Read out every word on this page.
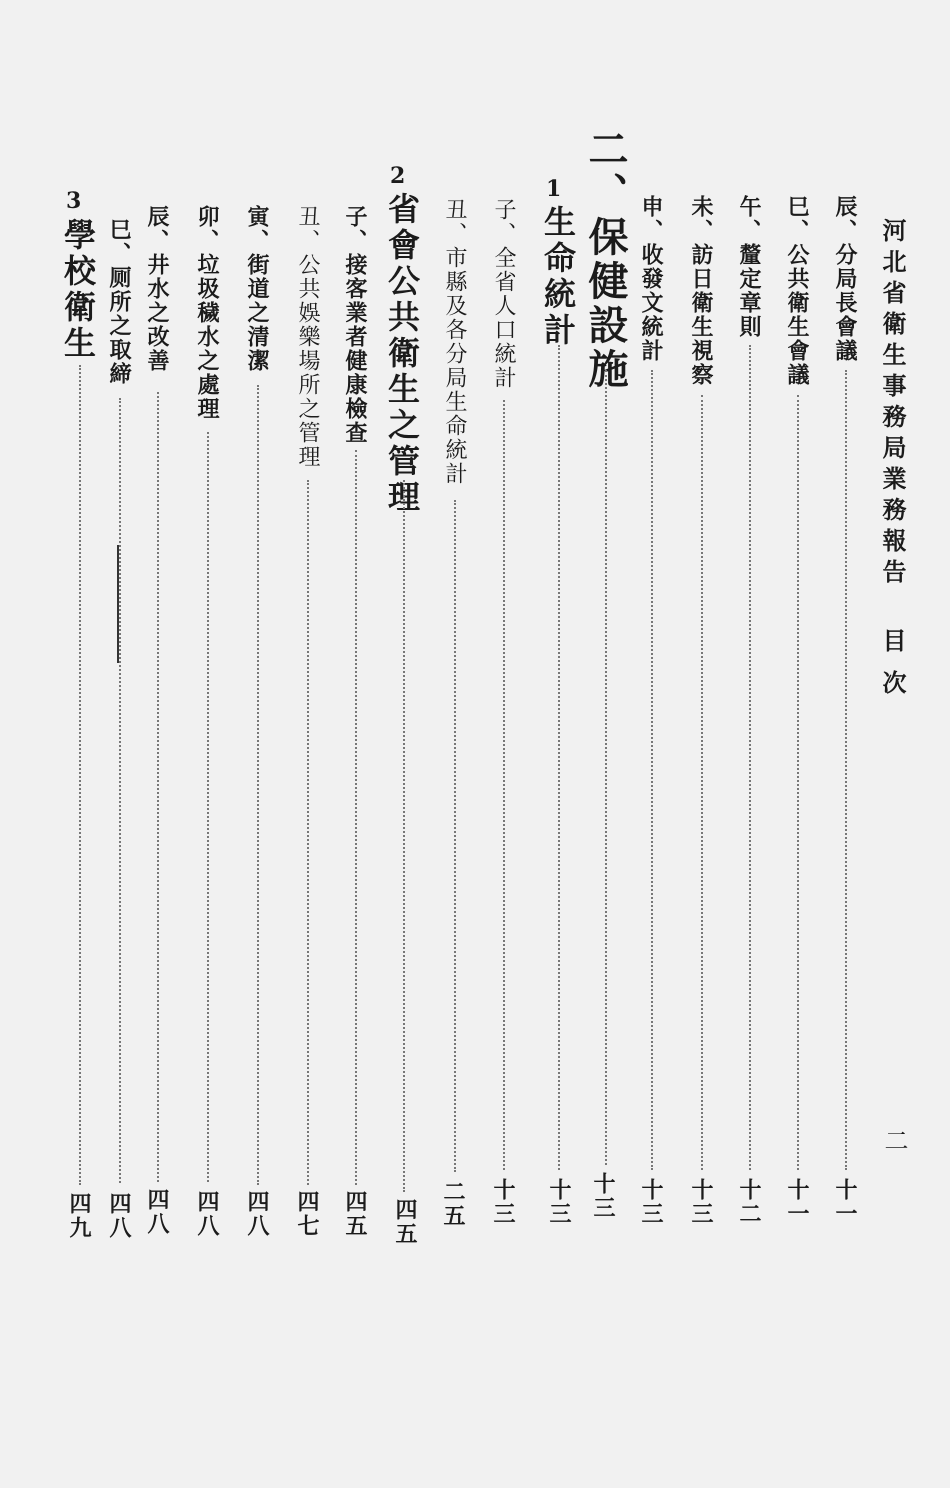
河北省衛生事務局業務報告
目次
二
辰、分局長會議
十一
巳、公共衛生會議
十一
午、釐定章則
十二
未、訪日衛生視察
十三
申、收發文統計
十三
二、保健設施
十三
1
生命統計
十三
子、全省人口統計
十三
丑、市縣及各分局生命統計
二五
2
省會公共衛生之管理
四五
子、接客業者健康檢查
四五
丑、公共娛樂場所之管理
四七
寅、街道之清潔
四八
卯、垃圾穢水之處理
四八
辰、井水之改善
四八
巳、厕所之取締
四八
3
學校衛生
四九
